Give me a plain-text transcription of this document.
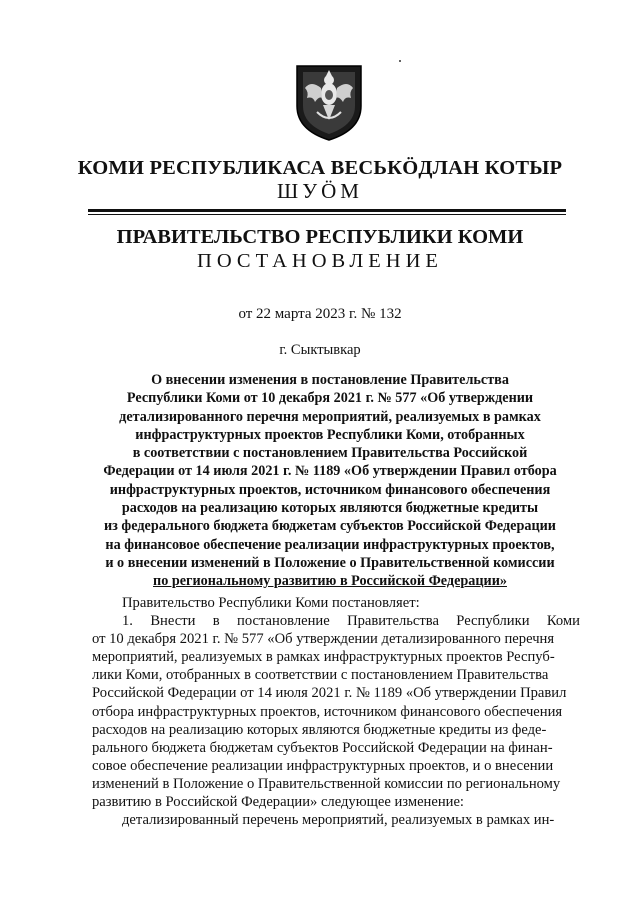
КОМИ РЕСПУБЛИКАСА ВЕСЬКÖДЛАН КОТЫР
ШУÖМ
ПРАВИТЕЛЬСТВО РЕСПУБЛИКИ КОМИ
ПОСТАНОВЛЕНИЕ
от 22 марта 2023 г. № 132
г. Сыктывкар
О внесении изменения в постановление Правительства
Республики Коми от 10 декабря 2021 г. № 577 «Об утверждении
детализированного перечня мероприятий, реализуемых в рамках
инфраструктурных проектов Республики Коми, отобранных
в соответствии с постановлением Правительства Российской
Федерации от 14 июля 2021 г. № 1189 «Об утверждении Правил отбора
инфраструктурных проектов, источником финансового обеспечения
расходов на реализацию которых являются бюджетные кредиты
из федерального бюджета бюджетам субъектов Российской Федерации
на финансовое обеспечение реализации инфраструктурных проектов,
и о внесении изменений в Положение о Правительственной комиссии
по региональному развитию в Российской Федерации»
Правительство Республики Коми постановляет:
1. Внести в постановление Правительства Республики Коми
от 10 декабря 2021 г. № 577 «Об утверждении детализированного перечня
мероприятий, реализуемых в рамках инфраструктурных проектов Респуб-
лики Коми, отобранных в соответствии с постановлением Правительства
Российской Федерации от 14 июля 2021 г. № 1189 «Об утверждении Правил
отбора инфраструктурных проектов, источником финансового обеспечения
расходов на реализацию которых являются бюджетные кредиты из феде-
рального бюджета бюджетам субъектов Российской Федерации на финан-
совое обеспечение реализации инфраструктурных проектов, и о внесении
изменений в Положение о Правительственной комиссии по региональному
развитию в Российской Федерации» следующее изменение:
детализированный перечень мероприятий, реализуемых в рамках ин-
